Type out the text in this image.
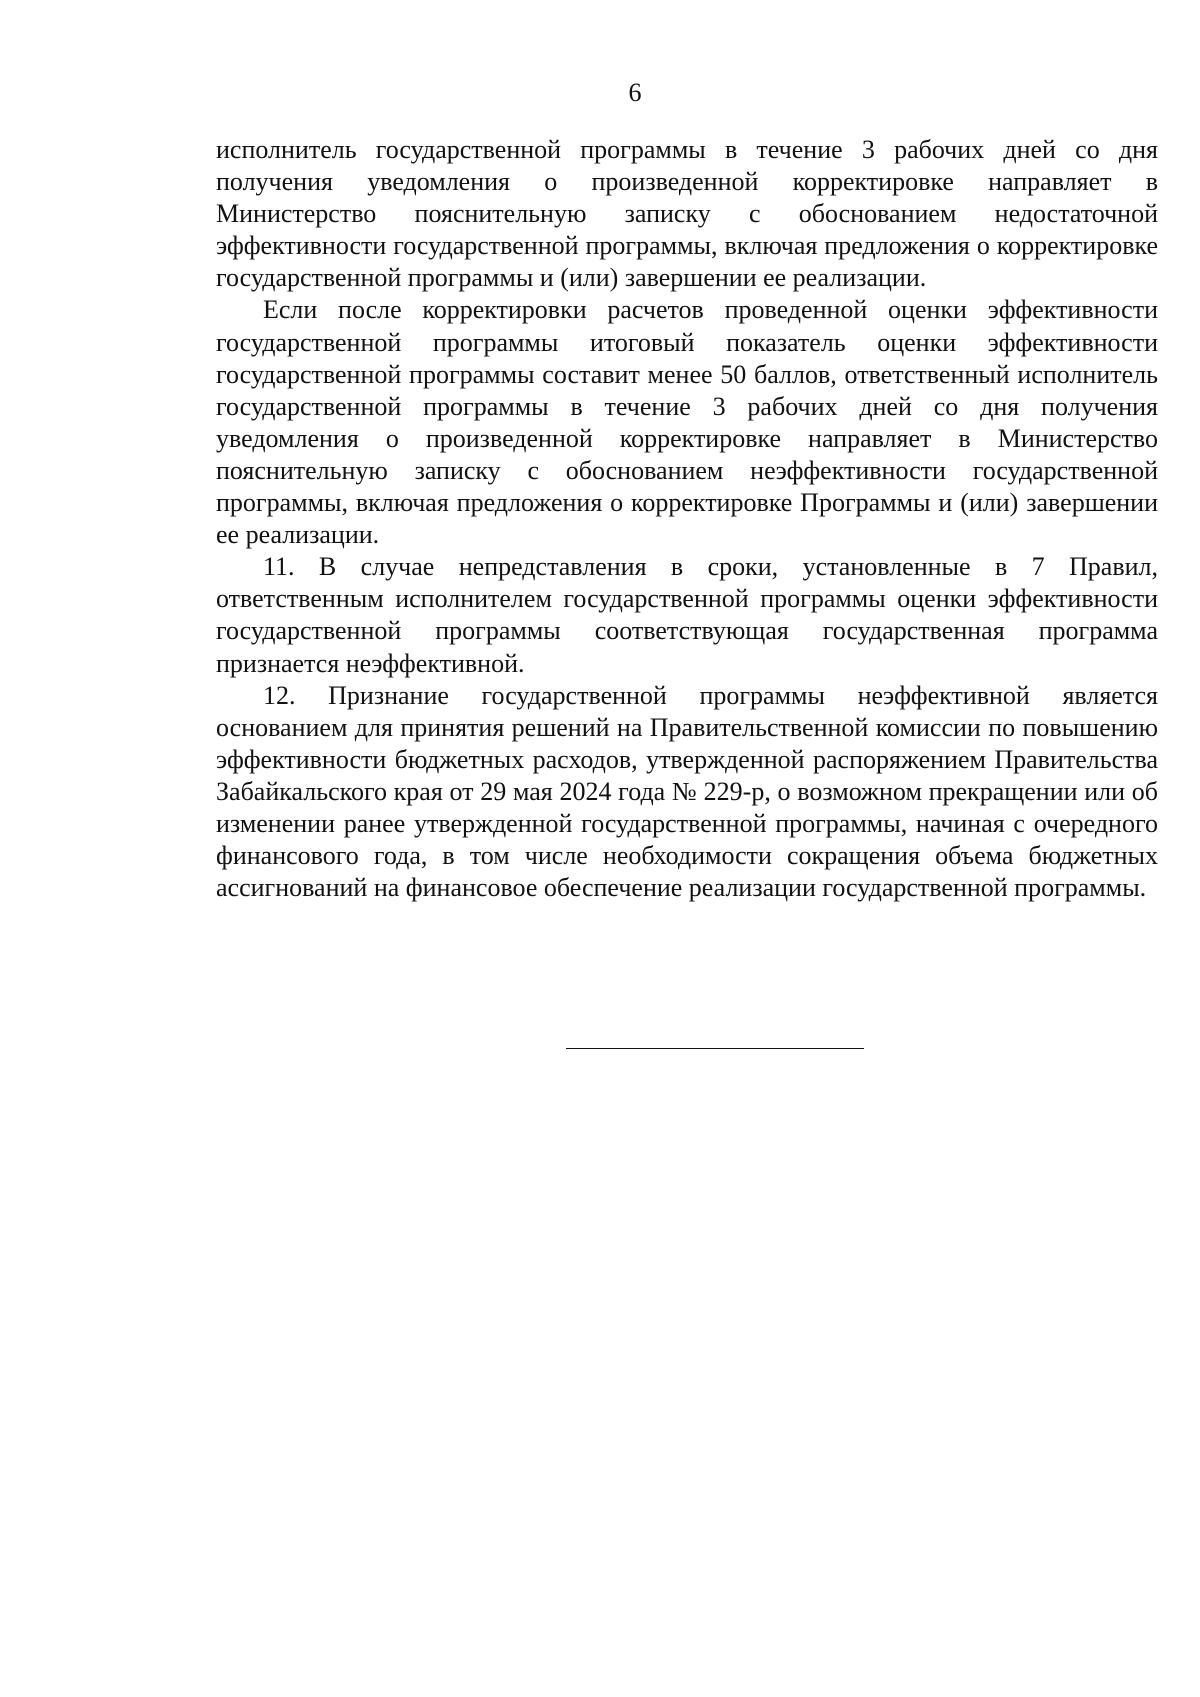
6

исполнитель государственной программы в течение 3 рабочих дней со дня получения уведомления о произведенной корректировке направляет в Министерство пояснительную записку с обоснованием недостаточной эффективности государственной программы, включая предложения о корректировке государственной программы и (или) завершении ее реализации.

Если после корректировки расчетов проведенной оценки эффективности государственной программы итоговый показатель оценки эффективности государственной программы составит менее 50 баллов, ответственный исполнитель государственной программы в течение 3 рабочих дней со дня получения уведомления о произведенной корректировке направляет в Министерство пояснительную записку с обоснованием неэффективности государственной программы, включая предложения о корректировке Программы и (или) завершении ее реализации.

11. В случае непредставления в сроки, установленные в 7 Правил, ответственным исполнителем государственной программы оценки эффективности государственной программы соответствующая государственная программа признается неэффективной.

12. Признание государственной программы неэффективной является основанием для принятия решений на Правительственной комиссии по повышению эффективности бюджетных расходов, утвержденной распоряжением Правительства Забайкальского края от 29 мая 2024 года № 229-р, о возможном прекращении или об изменении ранее утвержденной государственной программы, начиная с очередного финансового года, в том числе необходимости сокращения объема бюджетных ассигнований на финансовое обеспечение реализации государственной программы.
